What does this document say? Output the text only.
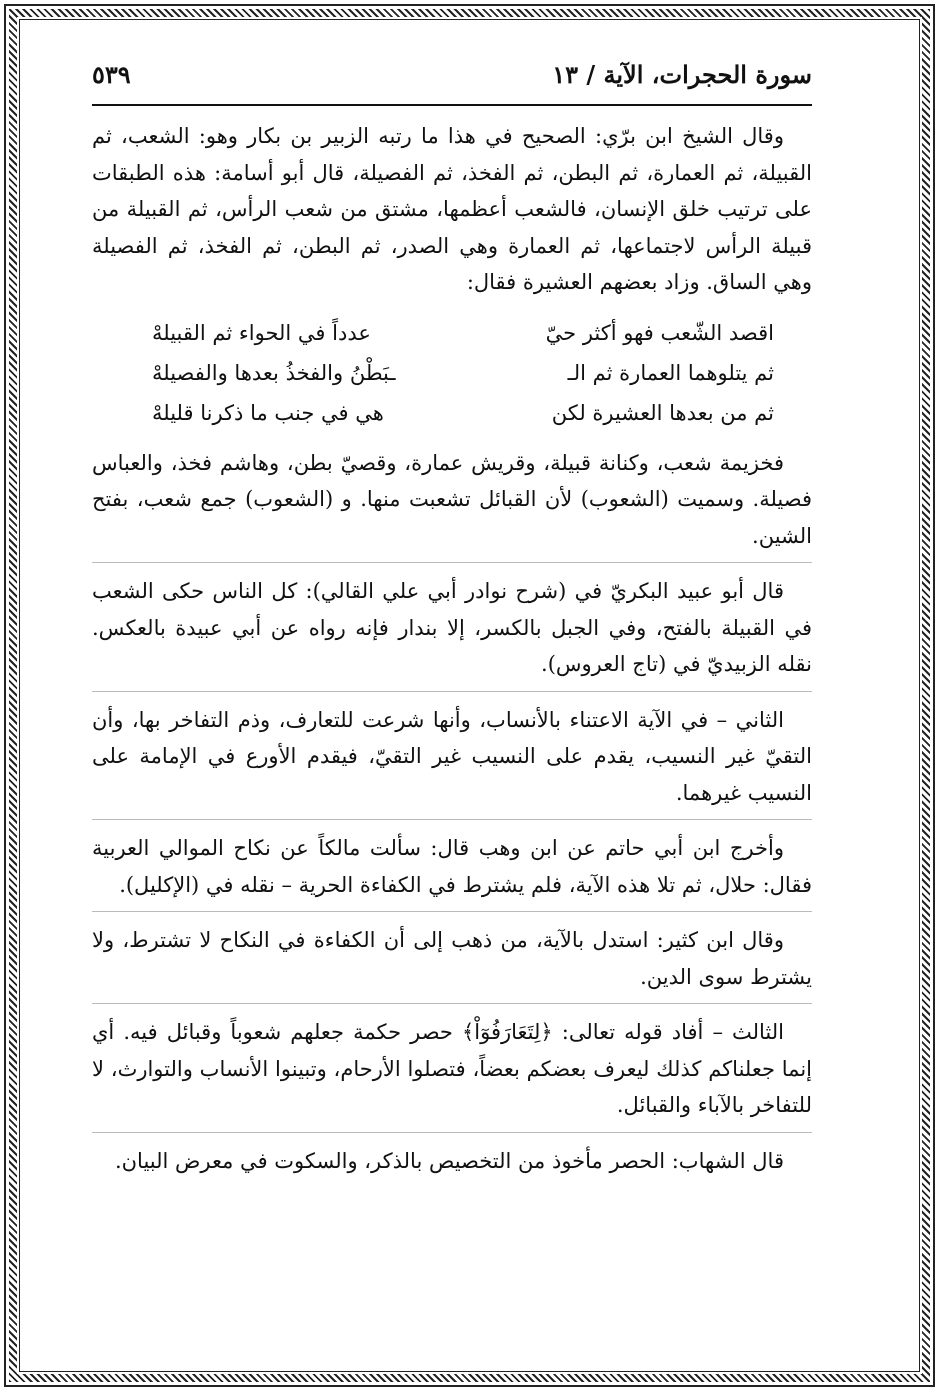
سورة الحجرات، الآية / ١٣
٥٣٩

وقال الشيخ ابن برّي: الصحيح في هذا ما رتبه الزبير بن بكار وهو: الشعب، ثم القبيلة، ثم العمارة، ثم البطن، ثم الفخذ، ثم الفصيلة، قال أبو أسامة: هذه الطبقات على ترتيب خلق الإنسان، فالشعب أعظمها، مشتق من شعب الرأس، ثم القبيلة من قبيلة الرأس لاجتماعها، ثم العمارة وهي الصدر، ثم البطن، ثم الفخذ، ثم الفصيلة وهي الساق. وزاد بعضهم العشيرة فقال:

اقصد الشّعب فهو أكثر حيّ
عدداً في الحواء ثم القبيلهْ
ثم يتلوهما العمارة ثم الـ
ـبَطْنُ والفخذُ بعدها والفصيلهْ
ثم من بعدها العشيرة لكن
هي في جنب ما ذكرنا قليلهْ

فخزيمة شعب، وكنانة قبيلة، وقريش عمارة، وقصيّ بطن، وهاشم فخذ، والعباس فصيلة. وسميت (الشعوب) لأن القبائل تشعبت منها. و (الشعوب) جمع شعب، بفتح الشين.

قال أبو عبيد البكريّ في (شرح نوادر أبي علي القالي): كل الناس حكى الشعب في القبيلة بالفتح، وفي الجبل بالكسر، إلا بندار فإنه رواه عن أبي عبيدة بالعكس. نقله الزبيديّ في (تاج العروس).

الثاني – في الآية الاعتناء بالأنساب، وأنها شرعت للتعارف، وذم التفاخر بها، وأن التقيّ غير النسيب، يقدم على النسيب غير التقيّ، فيقدم الأورع في الإمامة على النسيب غيرهما.

وأخرج ابن أبي حاتم عن ابن وهب قال: سألت مالكاً عن نكاح الموالي العربية فقال: حلال، ثم تلا هذه الآية، فلم يشترط في الكفاءة الحرية – نقله في (الإكليل).

وقال ابن كثير: استدل بالآية، من ذهب إلى أن الكفاءة في النكاح لا تشترط، ولا يشترط سوى الدين.

الثالث – أفاد قوله تعالى: ﴿لِتَعَارَفُوٓاْ﴾ حصر حكمة جعلهم شعوباً وقبائل فيه. أي إنما جعلناكم كذلك ليعرف بعضكم بعضاً، فتصلوا الأرحام، وتبينوا الأنساب والتوارث، لا للتفاخر بالآباء والقبائل.

قال الشهاب: الحصر مأخوذ من التخصيص بالذكر، والسكوت في معرض البيان.
